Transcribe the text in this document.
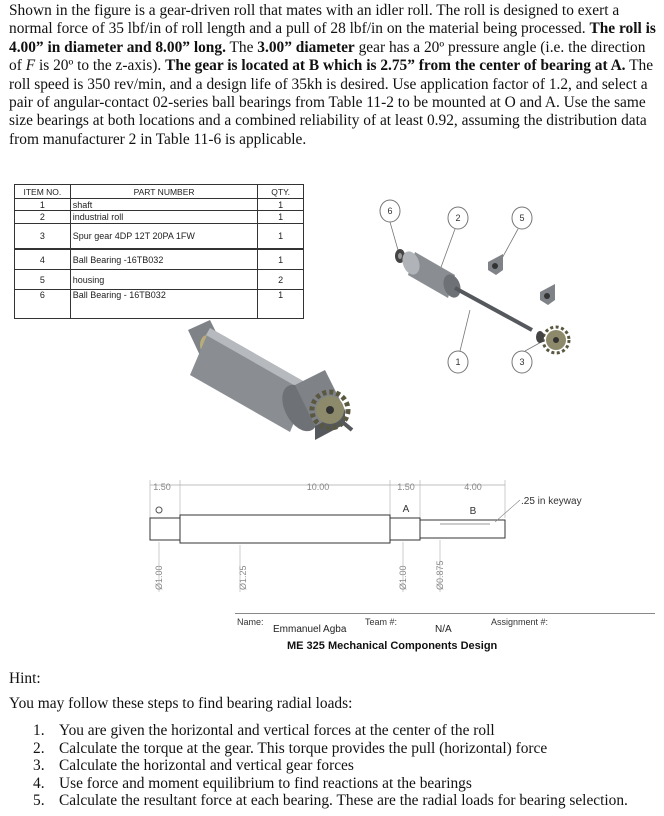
Shown in the figure is a gear-driven roll that mates with an idler roll. The roll is designed to exert a normal force of 35 lbf/in of roll length and a pull of 28 lbf/in on the material being processed. The roll is 4.00” in diameter and 8.00” long. The 3.00” diameter gear has a 20º pressure angle (i.e. the direction of F is 20º to the z-axis). The gear is located at B which is 2.75” from the center of bearing at A. The roll speed is 350 rev/min, and a design life of 35kh is desired. Use application factor of 1.2, and select a pair of angular-contact 02-series ball bearings from Table 11-2 to be mounted at O and A. Use the same size bearings at both locations and a combined reliability of at least 0.92, assuming the distribution data from manufacturer 2 in Table 11-6 is applicable.
ITEM NO.	PART NUMBER	QTY.
1	shaft	1
2	industrial roll	1
3	Spur gear 4DP 12T 20PA 1FW	1
4	Ball Bearing -16TB032	1
5	housing	2
6	Ball Bearing - 16TB032	1
6
2	5
1	3
1.50	10.00	1.50	4.00
A	B
O	.25 in keyway
Ø1.00	Ø1.25	Ø1.00	Ø0.875
Name:
Emmanuel Agba
Team #:
N/A
Assignment #:
ME 325 Mechanical Components Design
Hint:
You may follow these steps to find bearing radial loads:
1. You are given the horizontal and vertical forces at the center of the roll
2. Calculate the torque at the gear. This torque provides the pull (horizontal) force
3. Calculate the horizontal and vertical gear forces
4. Use force and moment equilibrium to find reactions at the bearings
5. Calculate the resultant force at each bearing. These are the radial loads for bearing selection.
